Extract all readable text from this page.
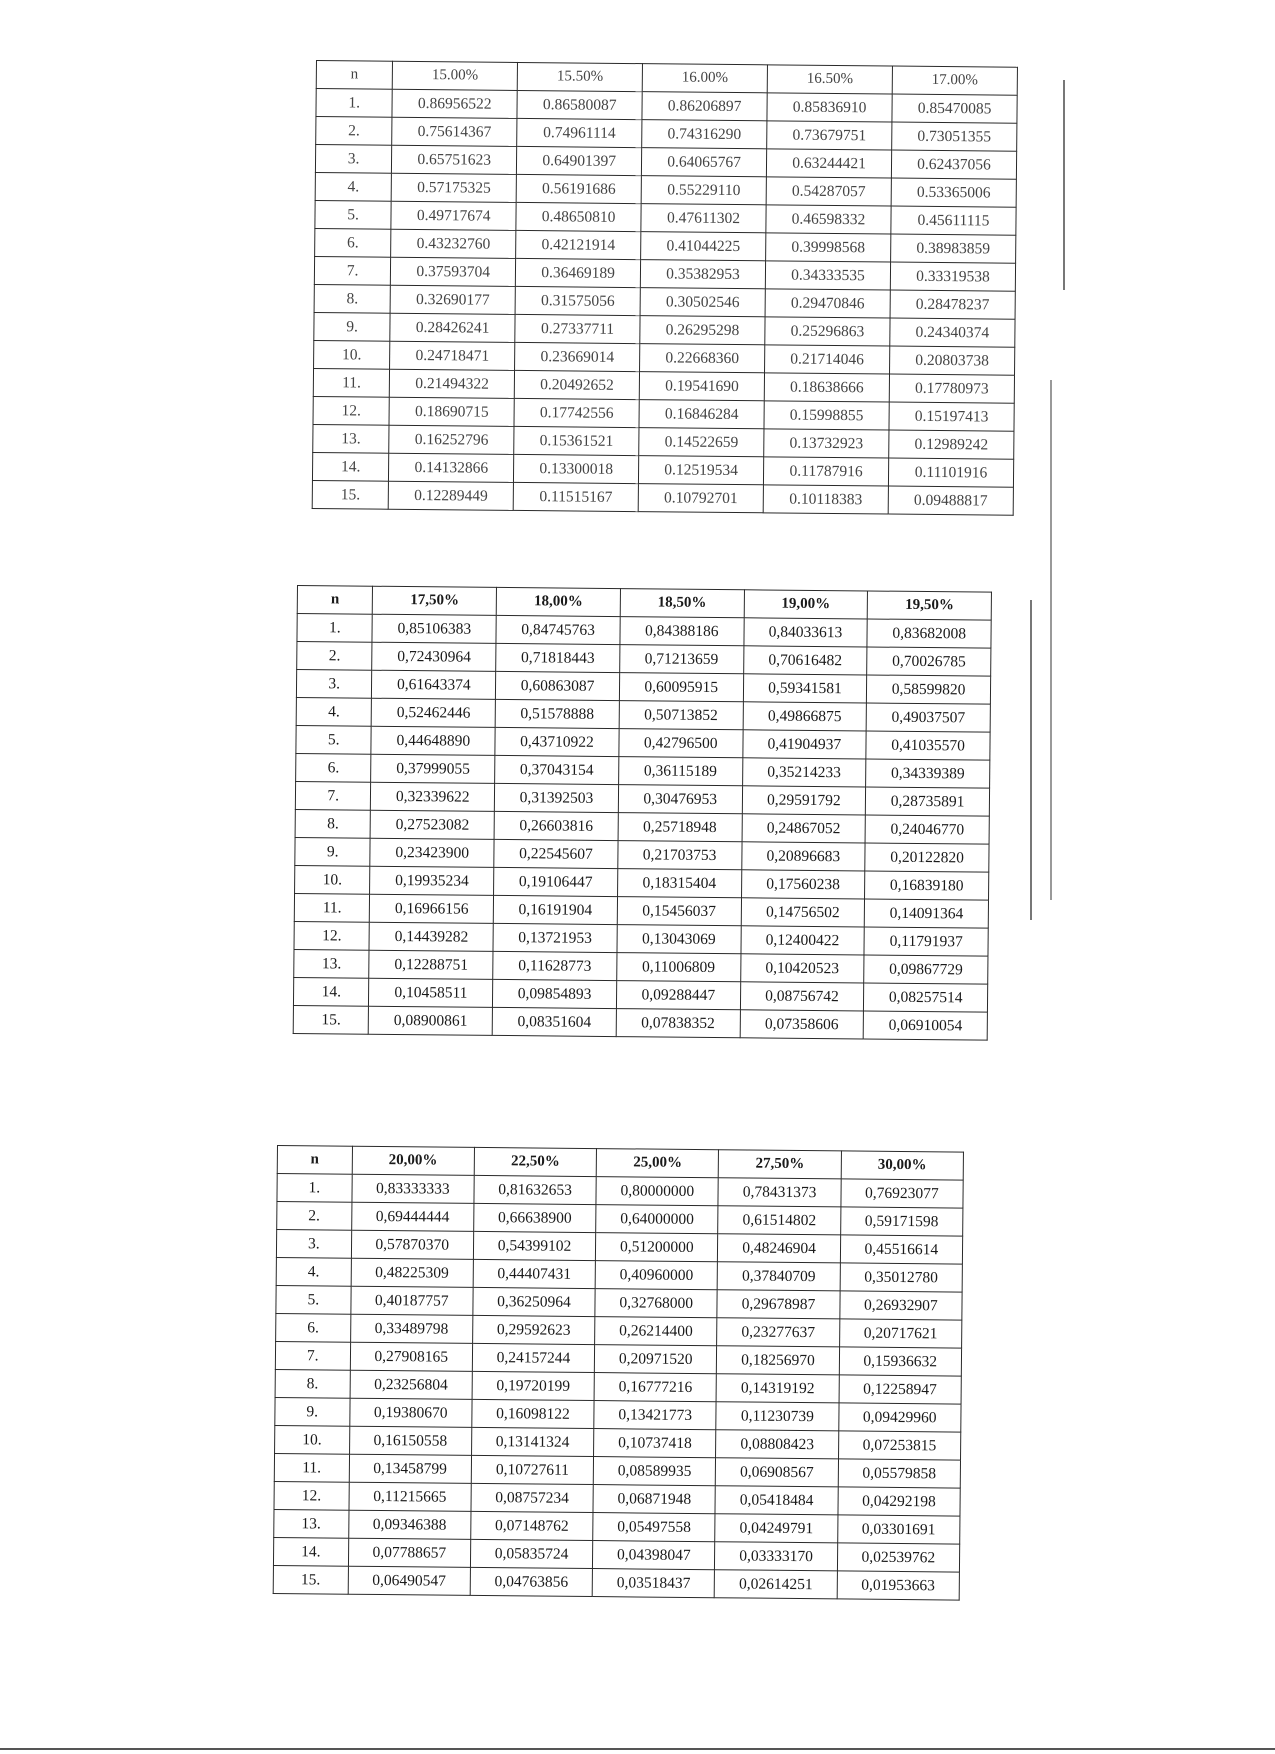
n	15.00%	15.50%	16.00%	16.50%	17.00%
1.	0.86956522	0.86580087	0.86206897	0.85836910	0.85470085
2.	0.75614367	0.74961114	0.74316290	0.73679751	0.73051355
3.	0.65751623	0.64901397	0.64065767	0.63244421	0.62437056
4.	0.57175325	0.56191686	0.55229110	0.54287057	0.53365006
5.	0.49717674	0.48650810	0.47611302	0.46598332	0.45611115
6.	0.43232760	0.42121914	0.41044225	0.39998568	0.38983859
7.	0.37593704	0.36469189	0.35382953	0.34333535	0.33319538
8.	0.32690177	0.31575056	0.30502546	0.29470846	0.28478237
9.	0.28426241	0.27337711	0.26295298	0.25296863	0.24340374
10.	0.24718471	0.23669014	0.22668360	0.21714046	0.20803738
11.	0.21494322	0.20492652	0.19541690	0.18638666	0.17780973
12.	0.18690715	0.17742556	0.16846284	0.15998855	0.15197413
13.	0.16252796	0.15361521	0.14522659	0.13732923	0.12989242
14.	0.14132866	0.13300018	0.12519534	0.11787916	0.11101916
15.	0.12289449	0.11515167	0.10792701	0.10118383	0.09488817
n	17,50%	18,00%	18,50%	19,00%	19,50%
1.	0,85106383	0,84745763	0,84388186	0,84033613	0,83682008
2.	0,72430964	0,71818443	0,71213659	0,70616482	0,70026785
3.	0,61643374	0,60863087	0,60095915	0,59341581	0,58599820
4.	0,52462446	0,51578888	0,50713852	0,49866875	0,49037507
5.	0,44648890	0,43710922	0,42796500	0,41904937	0,41035570
6.	0,37999055	0,37043154	0,36115189	0,35214233	0,34339389
7.	0,32339622	0,31392503	0,30476953	0,29591792	0,28735891
8.	0,27523082	0,26603816	0,25718948	0,24867052	0,24046770
9.	0,23423900	0,22545607	0,21703753	0,20896683	0,20122820
10.	0,19935234	0,19106447	0,18315404	0,17560238	0,16839180
11.	0,16966156	0,16191904	0,15456037	0,14756502	0,14091364
12.	0,14439282	0,13721953	0,13043069	0,12400422	0,11791937
13.	0,12288751	0,11628773	0,11006809	0,10420523	0,09867729
14.	0,10458511	0,09854893	0,09288447	0,08756742	0,08257514
15.	0,08900861	0,08351604	0,07838352	0,07358606	0,06910054
n	20,00%	22,50%	25,00%	27,50%	30,00%
1.	0,83333333	0,81632653	0,80000000	0,78431373	0,76923077
2.	0,69444444	0,66638900	0,64000000	0,61514802	0,59171598
3.	0,57870370	0,54399102	0,51200000	0,48246904	0,45516614
4.	0,48225309	0,44407431	0,40960000	0,37840709	0,35012780
5.	0,40187757	0,36250964	0,32768000	0,29678987	0,26932907
6.	0,33489798	0,29592623	0,26214400	0,23277637	0,20717621
7.	0,27908165	0,24157244	0,20971520	0,18256970	0,15936632
8.	0,23256804	0,19720199	0,16777216	0,14319192	0,12258947
9.	0,19380670	0,16098122	0,13421773	0,11230739	0,09429960
10.	0,16150558	0,13141324	0,10737418	0,08808423	0,07253815
11.	0,13458799	0,10727611	0,08589935	0,06908567	0,05579858
12.	0,11215665	0,08757234	0,06871948	0,05418484	0,04292198
13.	0,09346388	0,07148762	0,05497558	0,04249791	0,03301691
14.	0,07788657	0,05835724	0,04398047	0,03333170	0,02539762
15.	0,06490547	0,04763856	0,03518437	0,02614251	0,01953663
